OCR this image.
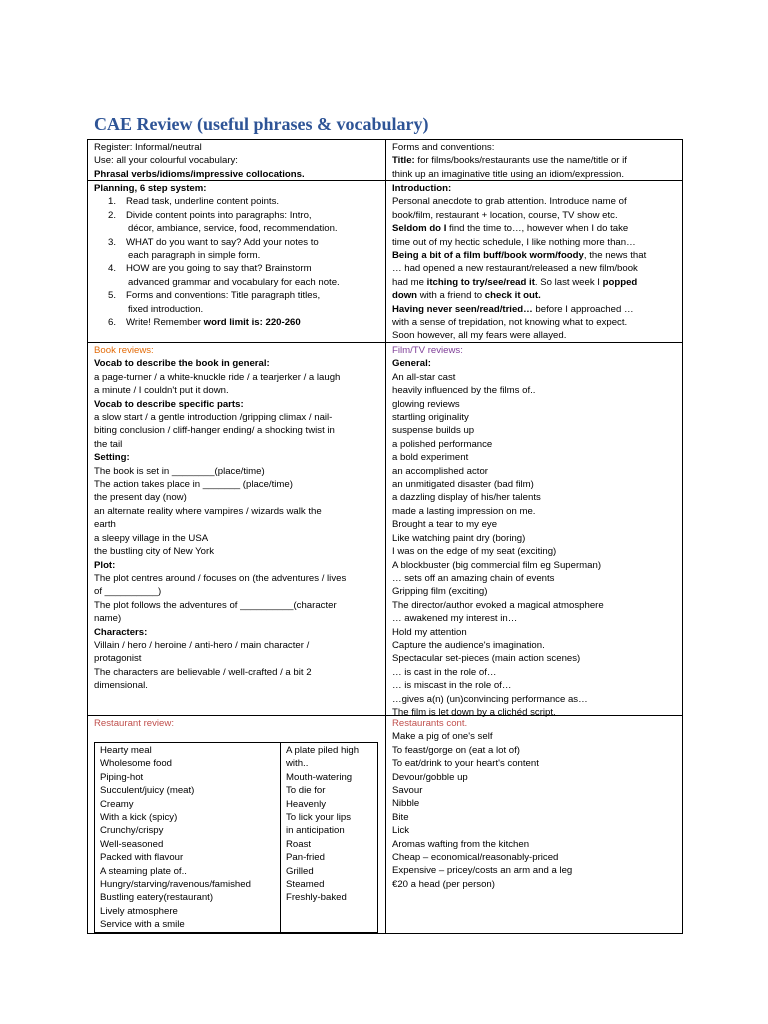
CAE Review (useful phrases & vocabulary)
Register: Informal/neutral
Use: all your colourful vocabulary:
Phrasal verbs/idioms/impressive collocations.
Forms and conventions:
Title: for films/books/restaurants use the name/title or if
think up an imaginative title using an idiom/expression.
Planning, 6 step system:
1. Read task, underline content points.
2. Divide content points into paragraphs: Intro,
décor, ambiance, service, food, recommendation.
3. WHAT do you want to say? Add your notes to
each paragraph in simple form.
4. HOW are you going to say that? Brainstorm
advanced grammar and vocabulary for each note.
5. Forms and conventions: Title paragraph titles,
fixed introduction.
6. Write! Remember word limit is: 220-260
Introduction:
Personal anecdote to grab attention. Introduce name of
book/film, restaurant + location, course, TV show etc.
Seldom do I find the time to…, however when I do take
time out of my hectic schedule, I like nothing more than…
Being a bit of a film buff/book worm/foody, the news that
… had opened a new restaurant/released a new film/book
had me itching to try/see/read it. So last week I popped
down with a friend to check it out.
Having never seen/read/tried… before I approached …
with a sense of trepidation, not knowing what to expect.
Soon however, all my fears were allayed.
Book reviews:
Vocab to describe the book in general:
a page-turner / a white-knuckle ride / a tearjerker / a laugh
a minute / I couldn't put it down.
Vocab to describe specific parts:
a slow start / a gentle introduction /gripping climax / nail-
biting conclusion / cliff-hanger ending/ a shocking twist in
the tail
Setting:
The book is set in ________(place/time)
The action takes place in _______ (place/time)
the present day (now)
an alternate reality where vampires / wizards walk the
earth
a sleepy village in the USA
the bustling city of New York
Plot:
The plot centres around / focuses on (the adventures / lives
of __________)
The plot follows the adventures of __________(character
name)
Characters:
Villain / hero / heroine / anti-hero / main character /
protagonist
The characters are believable / well-crafted / a bit 2
dimensional.
Film/TV reviews:
General:
An all-star cast
heavily influenced by the films of..
glowing reviews
startling originality
suspense builds up
a polished performance
a bold experiment
an accomplished actor
an unmitigated disaster (bad film)
a dazzling display of his/her talents
made a lasting impression on me.
Brought a tear to my eye
Like watching paint dry (boring)
I was on the edge of my seat (exciting)
A blockbuster (big commercial film eg Superman)
… sets off an amazing chain of events
Gripping film (exciting)
The director/author evoked a magical atmosphere
… awakened my interest in…
Hold my attention
Capture the audience's imagination.
Spectacular set-pieces (main action scenes)
… is cast in the role of…
… is miscast in the role of…
…gives a(n) (un)convincing performance as…
The film is let down by a clichéd script.
Restaurant review:
Hearty meal
Wholesome food
Piping-hot
Succulent/juicy (meat)
Creamy
With a kick (spicy)
Crunchy/crispy
Well-seasoned
Packed with flavour
A steaming plate of..
Hungry/starving/ravenous/famished
Bustling eatery(restaurant)
Lively atmosphere
Service with a smile
A plate piled high
with..
Mouth-watering
To die for
Heavenly
To lick your lips
in anticipation
Roast
Pan-fried
Grilled
Steamed
Freshly-baked
Restaurants cont.
Make a pig of one's self
To feast/gorge on (eat a lot of)
To eat/drink to your heart's content
Devour/gobble up
Savour
Nibble
Bite
Lick
Aromas wafting from the kitchen
Cheap – economical/reasonably-priced
Expensive – pricey/costs an arm and a leg
€20 a head (per person)
